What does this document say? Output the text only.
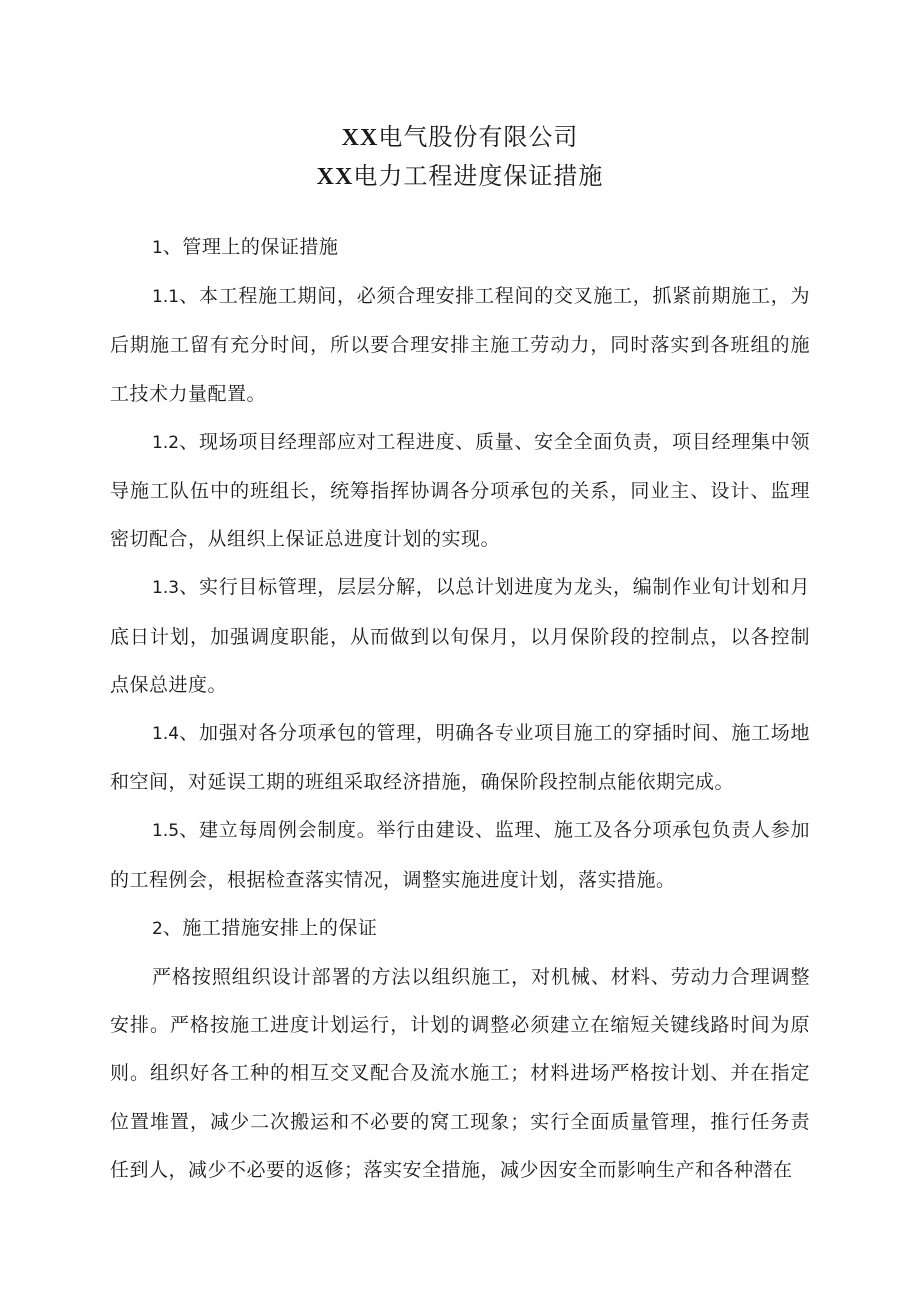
XX电气股份有限公司
XX电力工程进度保证措施

1、管理上的保证措施

1.1、本工程施工期间，必须合理安排工程间的交叉施工，抓紧前期施工，为后期施工留有充分时间，所以要合理安排主施工劳动力，同时落实到各班组的施工技术力量配置。

1.2、现场项目经理部应对工程进度、质量、安全全面负责，项目经理集中领导施工队伍中的班组长，统筹指挥协调各分项承包的关系，同业主、设计、监理密切配合，从组织上保证总进度计划的实现。

1.3、实行目标管理，层层分解，以总计划进度为龙头，编制作业旬计划和月底日计划，加强调度职能，从而做到以旬保月，以月保阶段的控制点，以各控制点保总进度。

1.4、加强对各分项承包的管理，明确各专业项目施工的穿插时间、施工场地和空间，对延误工期的班组采取经济措施，确保阶段控制点能依期完成。

1.5、建立每周例会制度。举行由建设、监理、施工及各分项承包负责人参加的工程例会，根据检查落实情况，调整实施进度计划，落实措施。

2、施工措施安排上的保证

严格按照组织设计部署的方法以组织施工，对机械、材料、劳动力合理调整安排。严格按施工进度计划运行，计划的调整必须建立在缩短关键线路时间为原则。组织好各工种的相互交叉配合及流水施工；材料进场严格按计划、并在指定位置堆置，减少二次搬运和不必要的窝工现象；实行全面质量管理，推行任务责任到人，减少不必要的返修；落实安全措施，减少因安全而影响生产和各种潜在
